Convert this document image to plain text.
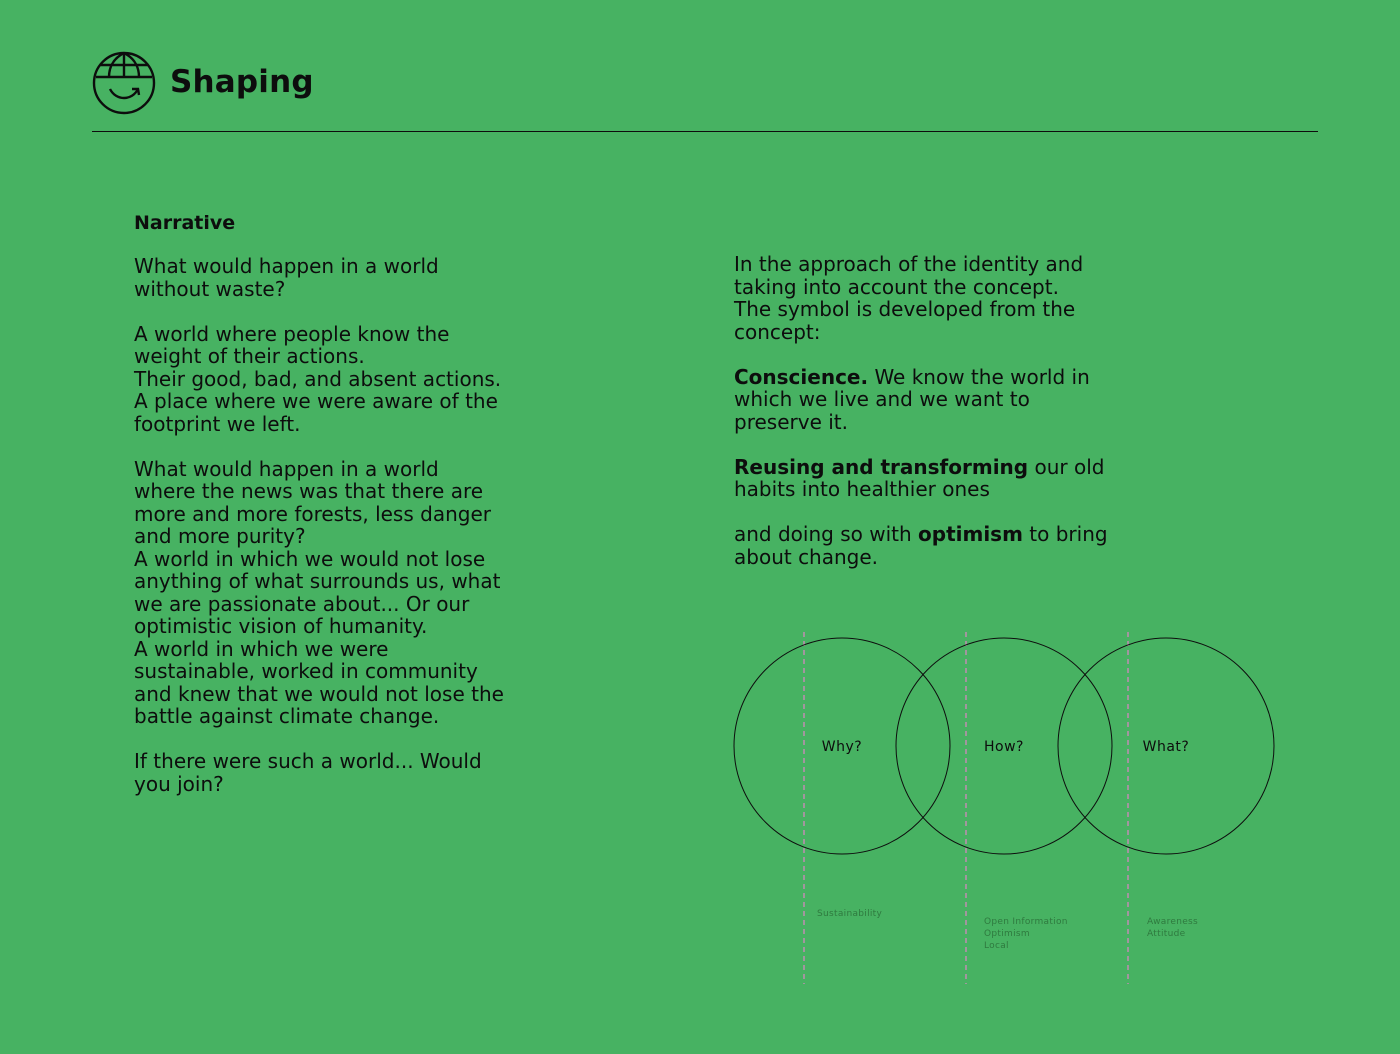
Shaping
Narrative
What would happen in a world
without waste?
A world where people know the
weight of their actions.
Their good, bad, and absent actions.
A place where we were aware of the
footprint we left.
What would happen in a world
where the news was that there are
more and more forests, less danger
and more purity?
A world in which we would not lose
anything of what surrounds us, what
we are passionate about... Or our
optimistic vision of humanity.
A world in which we were
sustainable, worked in community
and knew that we would not lose the
battle against climate change.
If there were such a world... Would
you join?
In the approach of the identity and
taking into account the concept.
The symbol is developed from the
concept:
Conscience. We know the world in
which we live and we want to
preserve it.
Reusing and transforming our old
habits into healthier ones
and doing so with optimism to bring
about change.
Why?	How?	What?
Sustainability
Open Information
Optimism
Local
Awareness
Attitude
